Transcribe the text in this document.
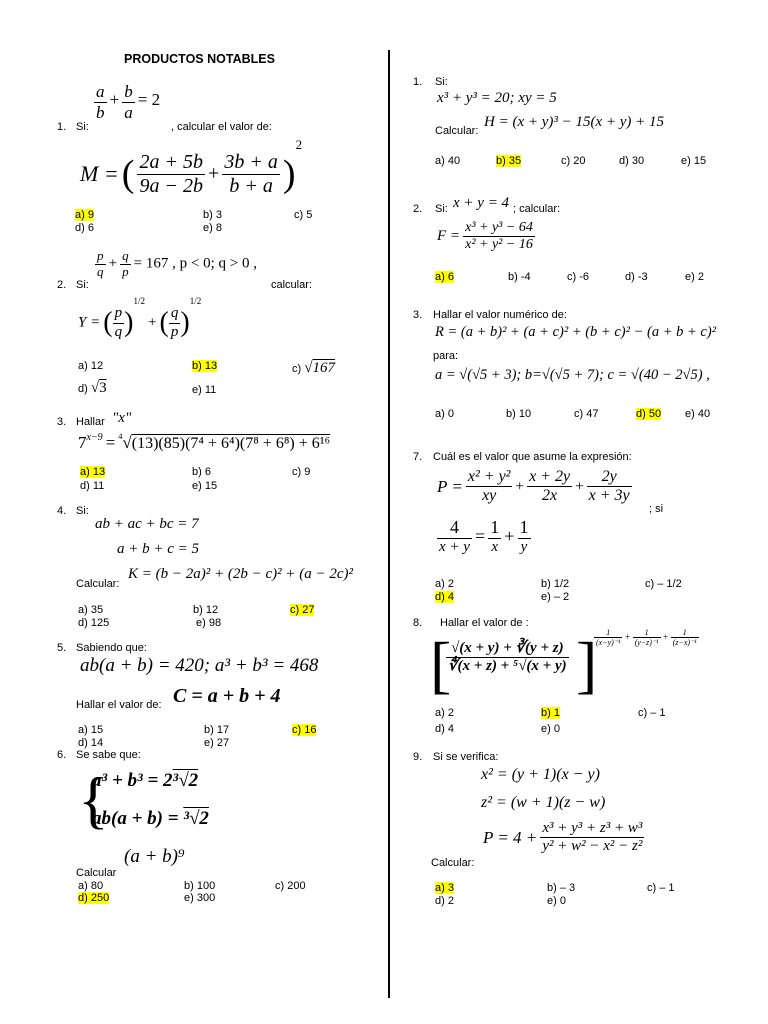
PRODUCTOS NOTABLES
$\frac{a}{b} + \frac{b}{a} = 2$
1. Si:	, calcular el valor de:
M = ( $\frac{2a + 5b}{9a - 2b} + \frac{3b + a}{b + a} )^2$
a) 9	b) 3	c) 5
d) 6	e) 8
$\frac{p}{q} + \frac{q}{p} = 167$ , p < 0; q > 0 ,
2. Si:	calcular:
Y = ( $\frac{p}{q} )^{1/2}$ + ( $\frac{q}{p} )^{1/2}$
a) 12	b) 13	c) √167
d) √3	e) 11
3. Hallar "x"
$7^{x-9} = ^4√(13)(85)(7^4 + 6^4)(7^8 + 6^8) + 6^{16}$
a) 13	b) 6	c) 9
d) 11	e) 15
4. Si:
ab + ac + bc = 7
a + b + c = 5
Calcular:
K = (b − 2a)² + (2b − c)² + (a − 2c)²
a) 35	b) 12	c) 27
d) 125	e) 98
5. Sabiendo que:
ab(a + b) = 420; a³ + b³ = 468
Hallar el valor de: C = a + b + 4
a) 15	b) 17	c) 16
d) 14	e) 27
6. Se sabe que:
{
a³ + b³ = 2³√2
ab(a + b) = ³√2
Calcular
(a + b)⁹
a) 80	b) 100	c) 200
d) 250	e) 300
1. Si:
x³ + y³ = 20; xy = 5
Calcular:
H = (x + y)³ − 15(x + y) + 15
a) 40	b) 35	c) 20	d) 30	e) 15
2. Si: x + y = 4 ; calcular:
$F = \frac{\text{x³ + y³ − 64}}{\text{x² + y² − 16}}$
a) 6	b) -4	c) -6	d) -3	e) 2
3. Hallar el valor numérico de:
R = (a + b)² + (a + c)² + (b + c)² − (a + b + c)²
para:
a = √(√5 + 3); b=√(√5 + 7); c = √(40 − 2√5) ,
a) 0	b) 10	c) 47	d) 50 e) 40
7. Cuál es el valor que asume la expresión:
$P = \frac{\text{x² + y²}}{xy} + \frac{x + 2y}{2x} + \frac{2y}{x + 3y}$
; si
$\frac{4}{x + y} = \frac{1}{x} + \frac{1}{y}$
a) 2	b) 1/2	c) – 1/2
d) 4	e) – 2
8. Hallar el valor de :
[
$\frac{√(x + y) + ∛(y + z)}{\text{∜(x + z) + ⁵√(x + y)}}$ ]
$\frac{1}{\text{(x−y)⁻¹}} + \frac{1}{\text{(y−z)⁻¹}} + \frac{1}{\text{(z−x)⁻¹}}$
a) 2	b) 1	c) – 1
d) 4	e) 0
9. Si se verifica:
x² = (y + 1)(x − y)
z² = (w + 1)(z − w)
$P = 4 + \frac{\text{x³ + y³ + z³ + w³}}{\text{y² + w² − x² − z²}}$
Calcular:
a) 3	b) – 3	c) – 1
d) 2	e) 0
